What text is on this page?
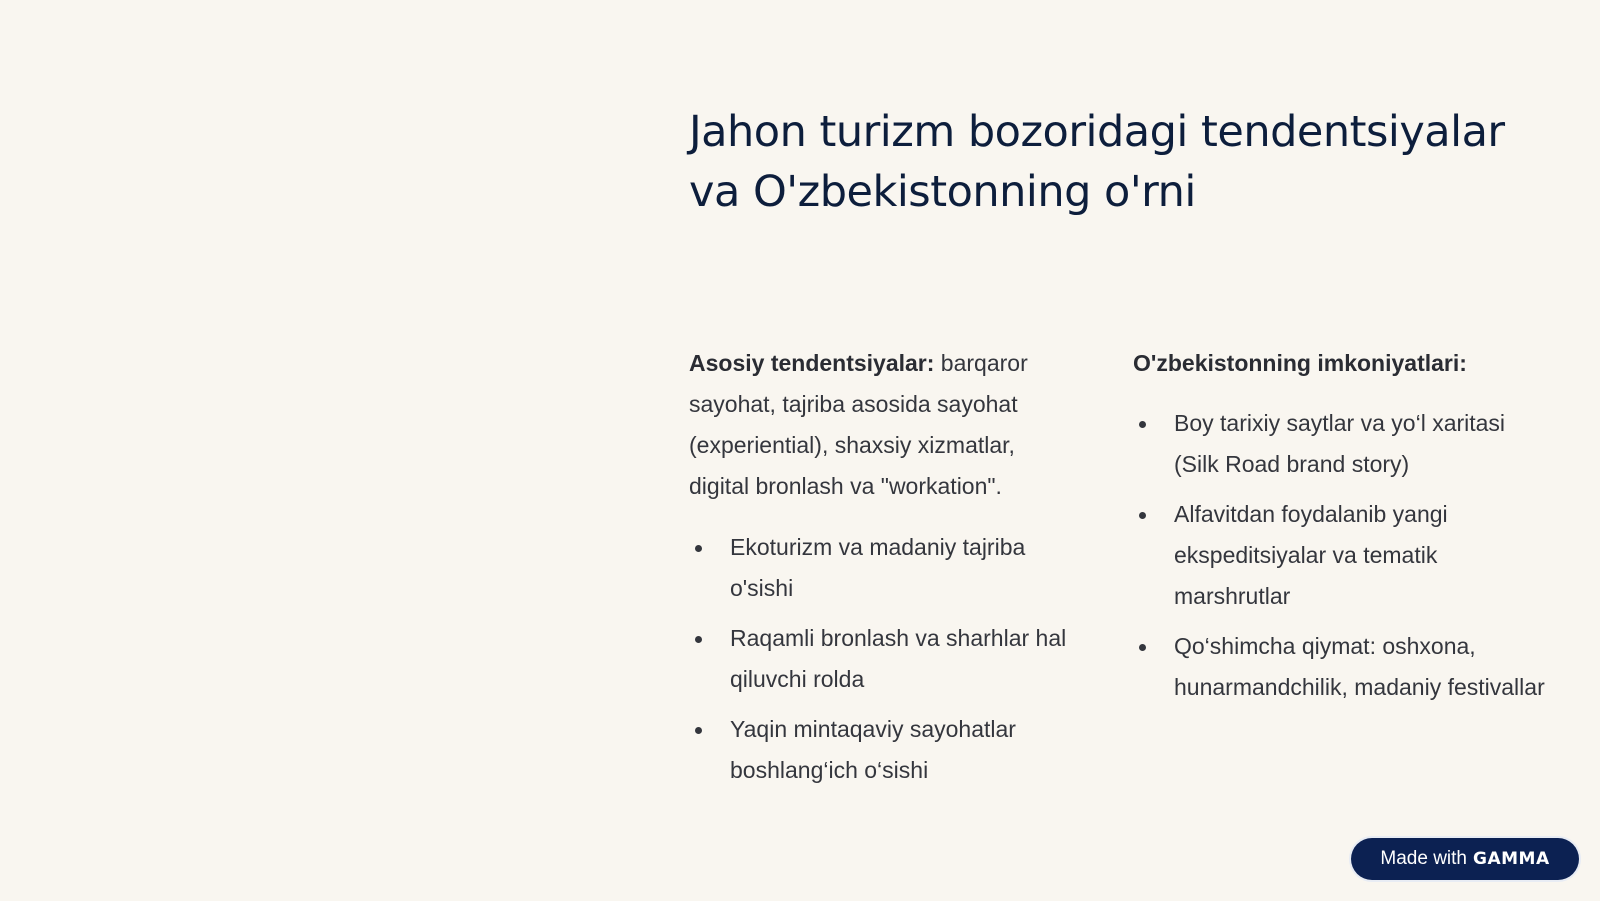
Jahon turizm bozoridagi tendentsiyalar va O'zbekistonning o'rni

Asosiy tendentsiyalar: barqaror sayohat, tajriba asosida sayohat (experiential), shaxsiy xizmatlar, digital bronlash va "workation".

Ekoturizm va madaniy tajriba o'sishi
Raqamli bronlash va sharhlar hal qiluvchi rolda
Yaqin mintaqaviy sayohatlar boshlang‘ich o‘sishi

O'zbekistonning imkoniyatlari:

Boy tarixiy saytlar va yo‘l xaritasi (Silk Road brand story)
Alfavitdan foydalanib yangi ekspeditsiyalar va tematik marshrutlar
Qo‘shimcha qiymat: oshxona, hunarmandchilik, madaniy festivallar
Made with GAMMA
